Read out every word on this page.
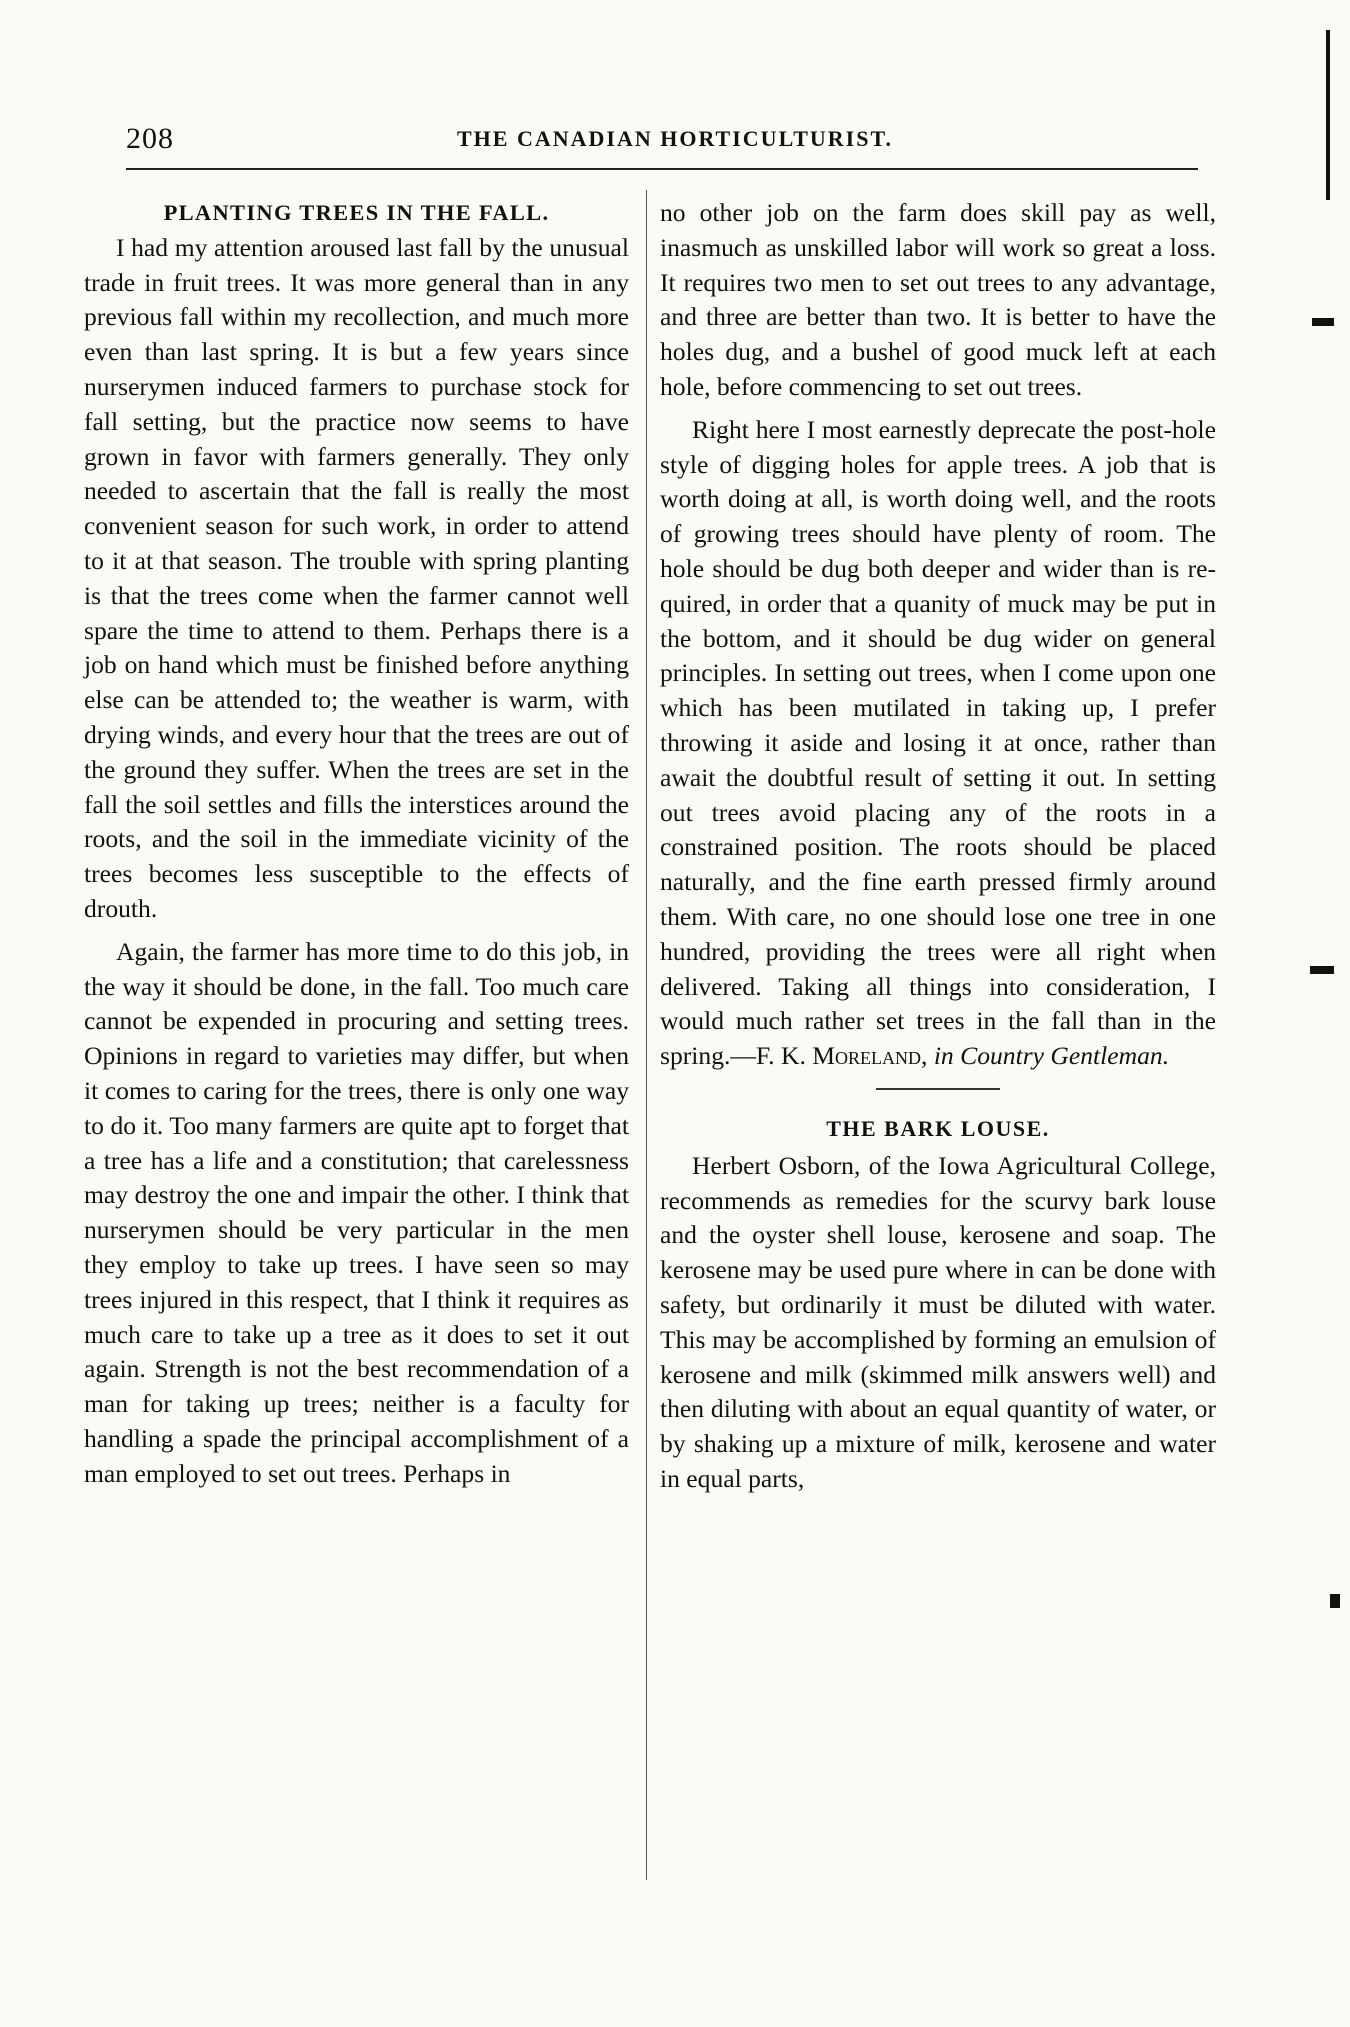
208	THE CANADIAN HORTICULTURIST.
PLANTING TREES IN THE FALL.

I had my attention aroused last fall by the unusual trade in fruit trees. It was more general than in any previous fall within my recollection, and much more even than last spring. It is but a few years since nurserymen induced farmers to purchase stock for fall setting, but the practice now seems to have grown in favor with farmers generally. They only needed to ascertain that the fall is really the most convenient season for such work, in order to attend to it at that season. The trouble with spring planting is that the trees come when the farmer cannot well spare the time to attend to them. Perhaps there is a job on hand which must be finished before anything else can be attended to; the weather is warm, with drying winds, and every hour that the trees are out of the ground they suffer. When the trees are set in the fall the soil settles and fills the interstices around the roots, and the soil in the immediate vicinity of the trees becomes less susceptible to the effects of drouth.

Again, the farmer has more time to do this job, in the way it should be done, in the fall. Too much care cannot be expended in procuring and setting trees. Opinions in regard to varieties may differ, but when it comes to caring for the trees, there is only one way to do it. Too many farmers are quite apt to forget that a tree has a life and a constitution; that carelessness may destroy the one and impair the other. I think that nurserymen should be very particular in the men they employ to take up trees. I have seen so may trees injured in this respect, that I think it requires as much care to take up a tree as it does to set it out again. Strength is not the best recommendation of a man for taking up trees; neither is a faculty for handling a spade the principal accomplishment of a man employed to set out trees. Perhaps in

no other job on the farm does skill pay as well, inasmuch as unskilled labor will work so great a loss. It requires two men to set out trees to any advantage, and three are better than two. It is better to have the holes dug, and a bushel of good muck left at each hole, before commencing to set out trees.

Right here I most earnestly deprecate the post-hole style of digging holes for apple trees. A job that is worth doing at all, is worth doing well, and the roots of growing trees should have plenty of room. The hole should be dug both deeper and wider than is required, in order that a quanity of muck may be put in the bottom, and it should be dug wider on general principles. In setting out trees, when I come upon one which has been mutilated in taking up, I prefer throwing it aside and losing it at once, rather than await the doubtful result of setting it out. In setting out trees avoid placing any of the roots in a constrained position. The roots should be placed naturally, and the fine earth pressed firmly around them. With care, no one should lose one tree in one hundred, providing the trees were all right when delivered. Taking all things into consideration, I would much rather set trees in the fall than in the spring.—F. K. Moreland, in Country Gentleman.

THE BARK LOUSE.

Herbert Osborn, of the Iowa Agricultural College, recommends as remedies for the scurvy bark louse and the oyster shell louse, kerosene and soap. The kerosene may be used pure where in can be done with safety, but ordinarily it must be diluted with water. This may be accomplished by forming an emulsion of kerosene and milk (skimmed milk answers well) and then diluting with about an equal quantity of water, or by shaking up a mixture of milk, kerosene and water in equal parts,
